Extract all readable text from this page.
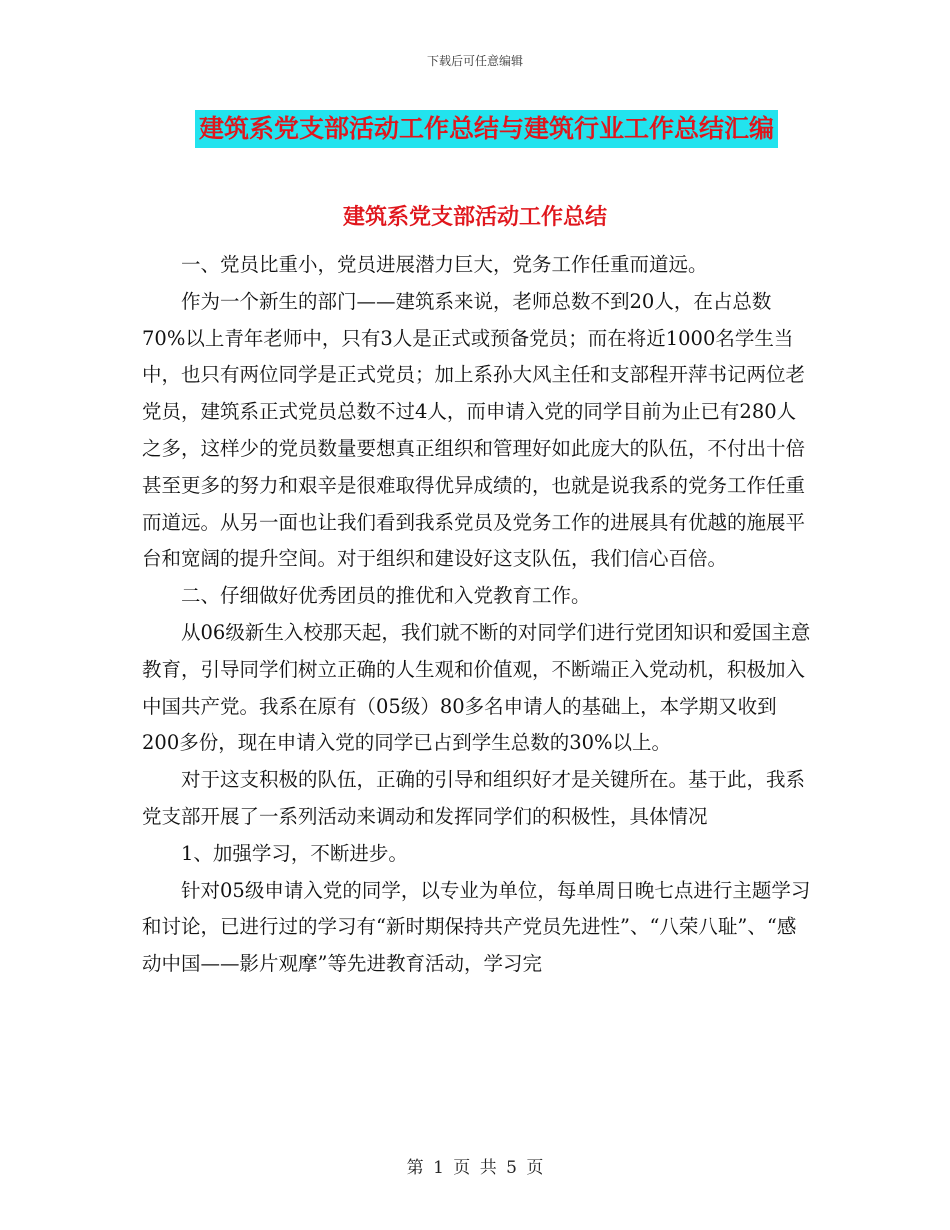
下载后可任意编辑
建筑系党支部活动工作总结与建筑行业工作总结汇编
建筑系党支部活动工作总结

一、党员比重小，党员进展潜力巨大，党务工作任重而道远。

作为一个新生的部门——建筑系来说，老师总数不到20人，在占总数70%以上青年老师中，只有3人是正式或预备党员；而在将近1000名学生当中，也只有两位同学是正式党员；加上系孙大风主任和支部程开萍书记两位老党员，建筑系正式党员总数不过4人，而申请入党的同学目前为止已有280人之多，这样少的党员数量要想真正组织和管理好如此庞大的队伍，不付出十倍甚至更多的努力和艰辛是很难取得优异成绩的，也就是说我系的党务工作任重而道远。从另一面也让我们看到我系党员及党务工作的进展具有优越的施展平台和宽阔的提升空间。对于组织和建设好这支队伍，我们信心百倍。

二、仔细做好优秀团员的推优和入党教育工作。

从06级新生入校那天起，我们就不断的对同学们进行党团知识和爱国主意教育，引导同学们树立正确的人生观和价值观，不断端正入党动机，积极加入中国共产党。我系在原有（05级）80多名申请人的基础上，本学期又收到200多份，现在申请入党的同学已占到学生总数的30%以上。

对于这支积极的队伍，正确的引导和组织好才是关键所在。基于此，我系党支部开展了一系列活动来调动和发挥同学们的积极性，具体情况

1、加强学习，不断进步。

针对05级申请入党的同学，以专业为单位，每单周日晚七点进行主题学习和讨论，已进行过的学习有“新时期保持共产党员先进性”、“八荣八耻”、“感动中国——影片观摩”等先进教育活动，学习完

第 1 页 共 5 页
